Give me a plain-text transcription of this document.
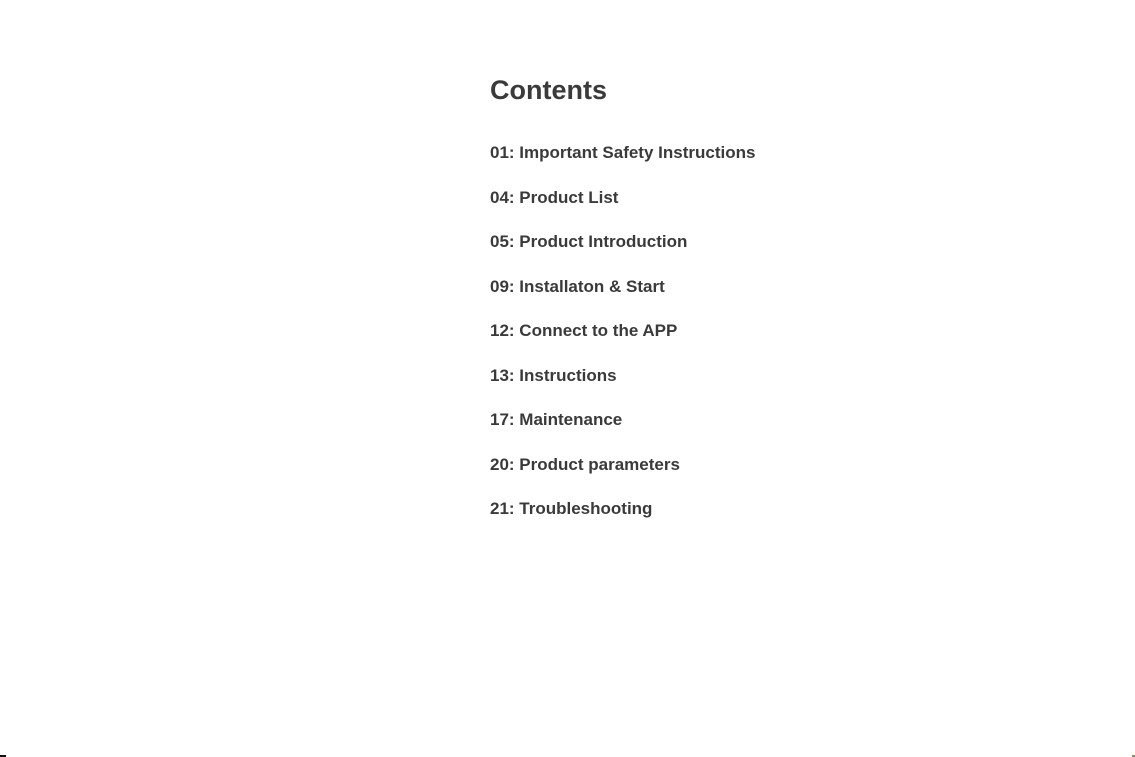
Contents
01: Important Safety Instructions
04: Product List
05: Product Introduction
09: Installaton & Start
12: Connect to the APP
13: Instructions
17: Maintenance
20: Product parameters
21: Troubleshooting
